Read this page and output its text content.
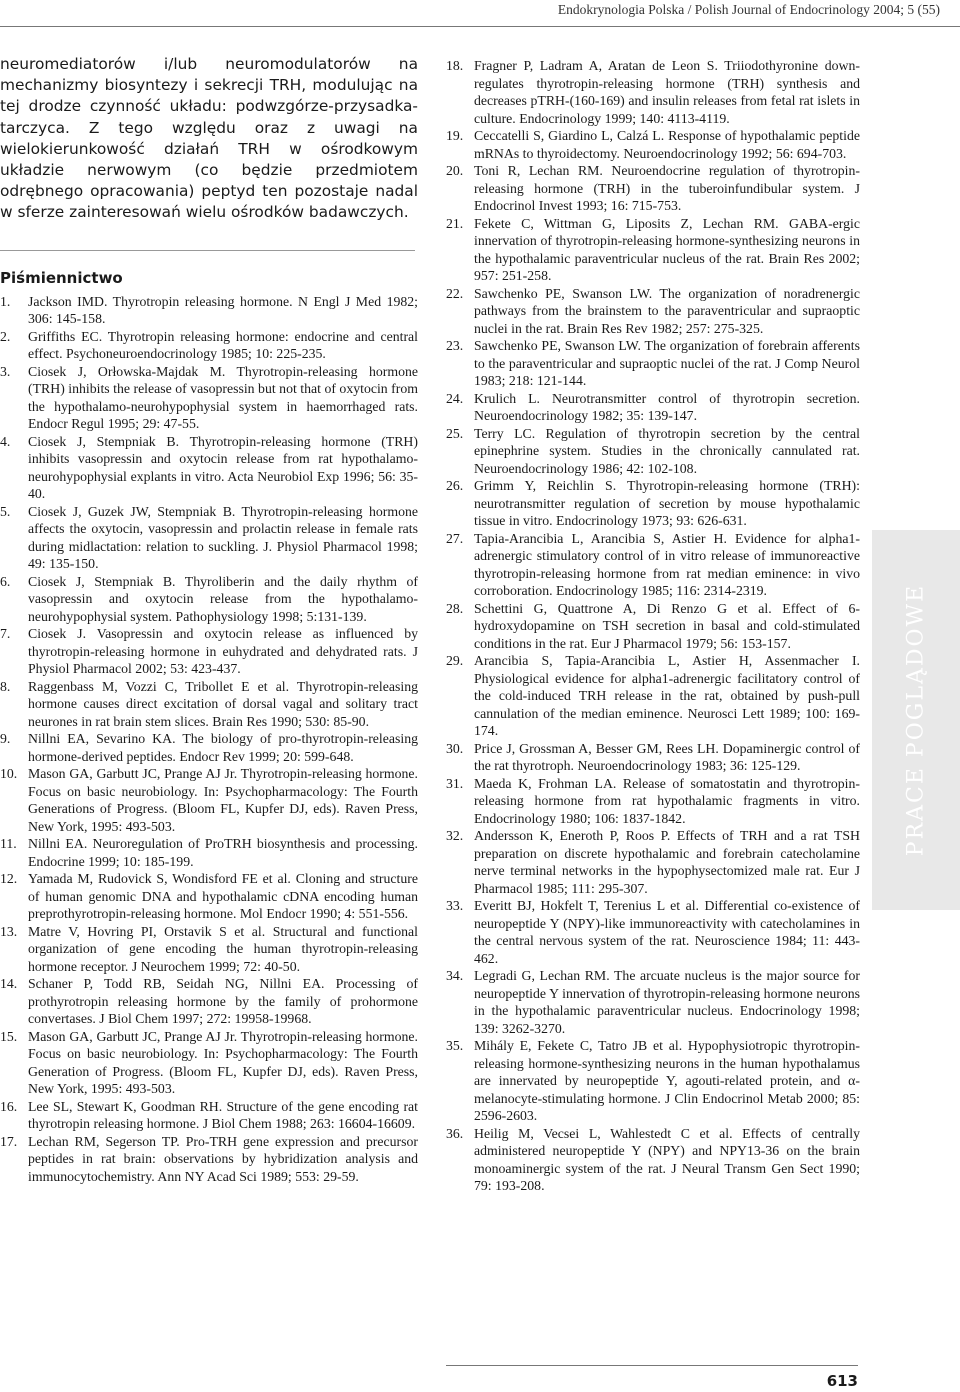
Endokrynologia Polska / Polish Journal of Endocrinology 2004; 5 (55)

neuromediatorów i/lub neuromodulatorów na mechanizmy biosyntezy i sekrecji TRH, modulując na tej drodze czynność układu: podwzgórze-przysadka-tarczyca. Z tego względu oraz z uwagi na wielokierunkowość działań TRH w ośrodkowym układzie nerwowym (co będzie przedmiotem odrębnego opracowania) peptyd ten pozostaje nadal w sferze zainteresowań wielu ośrodków badawczych.

Piśmiennictwo
1. Jackson IMD. Thyrotropin releasing hormone. N Engl J Med 1982; 306: 145-158.
2. Griffiths EC. Thyrotropin releasing hormone: endocrine and central effect. Psychoneuroendocrinology 1985; 10: 225-235.
3. Ciosek J, Orłowska-Majdak M. Thyrotropin-releasing hormone (TRH) inhibits the release of vasopressin but not that of oxytocin from the hypothalamo-neurohypophysial system in haemorrhaged rats. Endocr Regul 1995; 29: 47-55.
4. Ciosek J, Stempniak B. Thyrotropin-releasing hormone (TRH) inhibits vasopressin and oxytocin release from rat hypothalamo-neurohypophysial explants in vitro. Acta Neurobiol Exp 1996; 56: 35-40.
5. Ciosek J, Guzek JW, Stempniak B. Thyrotropin-releasing hormone affects the oxytocin, vasopressin and prolactin release in female rats during midlactation: relation to suckling. J. Physiol Pharmacol 1998; 49: 135-150.
6. Ciosek J, Stempniak B. Thyroliberin and the daily rhythm of vasopressin and oxytocin release from the hypothalamo-neurohypophysial system. Pathophysiology 1998; 5:131-139.
7. Ciosek J. Vasopressin and oxytocin release as influenced by thyrotropin-releasing hormone in euhydrated and dehydrated rats. J Physiol Pharmacol 2002; 53: 423-437.
8. Raggenbass M, Vozzi C, Tribollet E et al. Thyrotropin-releasing hormone causes direct excitation of dorsal vagal and solitary tract neurones in rat brain stem slices. Brain Res 1990; 530: 85-90.
9. Nillni EA, Sevarino KA. The biology of pro-thyrotropin-releasing hormone-derived peptides. Endocr Rev 1999; 20: 599-648.
10. Mason GA, Garbutt JC, Prange AJ Jr. Thyrotropin-releasing hormone. Focus on basic neurobiology. In: Psychopharmacology: The Fourth Generations of Progress. (Bloom FL, Kupfer DJ, eds). Raven Press, New York, 1995: 493-503.
11. Nillni EA. Neuroregulation of ProTRH biosynthesis and processing. Endocrine 1999; 10: 185-199.
12. Yamada M, Rudovick S, Wondisford FE et al. Cloning and structure of human genomic DNA and hypothalamic cDNA encoding human preprothyrotropin-releasing hormone. Mol Endocr 1990; 4: 551-556.
13. Matre V, Hovring PI, Orstavik S et al. Structural and functional organization of gene encoding the human thyrotropin-releasing hormone receptor. J Neurochem 1999; 72: 40-50.
14. Schaner P, Todd RB, Seidah NG, Nillni EA. Processing of prothyrotropin releasing hormone by the family of prohormone convertases. J Biol Chem 1997; 272: 19958-19968.
15. Mason GA, Garbutt JC, Prange AJ Jr. Thyrotropin-releasing hormone. Focus on basic neurobiology. In: Psychopharmacology: The Fourth Generation of Progress. (Bloom FL, Kupfer DJ, eds). Raven Press, New York, 1995: 493-503.
16. Lee SL, Stewart K, Goodman RH. Structure of the gene encoding rat thyrotropin releasing hormone. J Biol Chem 1988; 263: 16604-16609.
17. Lechan RM, Segerson TP. Pro-TRH gene expression and precursor peptides in rat brain: observations by hybridization analysis and immunocytochemistry. Ann NY Acad Sci 1989; 553: 29-59.
18. Fragner P, Ladram A, Aratan de Leon S. Triiodothyronine down-regulates thyrotropin-releasing hormone (TRH) synthesis and decreases pTRH-(160-169) and insulin releases from fetal rat islets in culture. Endocrinology 1999; 140: 4113-4119.
19. Ceccatelli S, Giardino L, Calzá L. Response of hypothalamic peptide mRNAs to thyroidectomy. Neuroendocrinology 1992; 56: 694-703.
20. Toni R, Lechan RM. Neuroendocrine regulation of thyrotropin-releasing hormone (TRH) in the tuberoinfundibular system. J Endocrinol Invest 1993; 16: 715-753.
21. Fekete C, Wittman G, Liposits Z, Lechan RM. GABA-ergic innervation of thyrotropin-releasing hormone-synthesizing neurons in the hypothalamic paraventricular nucleus of the rat. Brain Res 2002; 957: 251-258.
22. Sawchenko PE, Swanson LW. The organization of noradrenergic pathways from the brainstem to the paraventricular and supraoptic nuclei in the rat. Brain Res Rev 1982; 257: 275-325.
23. Sawchenko PE, Swanson LW. The organization of forebrain afferents to the paraventricular and supraoptic nuclei of the rat. J Comp Neurol 1983; 218: 121-144.
24. Krulich L. Neurotransmitter control of thyrotropin secretion. Neuroendocrinology 1982; 35: 139-147.
25. Terry LC. Regulation of thyrotropin secretion by the central epinephrine system. Studies in the chronically cannulated rat. Neuroendocrinology 1986; 42: 102-108.
26. Grimm Y, Reichlin S. Thyrotropin-releasing hormone (TRH): neurotransmitter regulation of secretion by mouse hypothalamic tissue in vitro. Endocrinology 1973; 93: 626-631.
27. Tapia-Arancibia L, Arancibia S, Astier H. Evidence for alpha1-adrenergic stimulatory control of in vitro release of immunoreactive thyrotropin-releasing hormone from rat median eminence: in vivo corroboration. Endocrinology 1985; 116: 2314-2319.
28. Schettini G, Quattrone A, Di Renzo G et al. Effect of 6-hydroxydopamine on TSH secretion in basal and cold-stimulated conditions in the rat. Eur J Pharmacol 1979; 56: 153-157.
29. Arancibia S, Tapia-Arancibia L, Astier H, Assenmacher I. Physiological evidence for alpha1-adrenergic facilitatory control of the cold-induced TRH release in the rat, obtained by push-pull cannulation of the median eminence. Neurosci Lett 1989; 100: 169-174.
30. Price J, Grossman A, Besser GM, Rees LH. Dopaminergic control of the rat thyrotroph. Neuroendocrinology 1983; 36: 125-129.
31. Maeda K, Frohman LA. Release of somatostatin and thyrotropin-releasing hormone from rat hypothalamic fragments in vitro. Endocrinology 1980; 106: 1837-1842.
32. Andersson K, Eneroth P, Roos P. Effects of TRH and a rat TSH preparation on discrete hypothalamic and forebrain catecholamine nerve terminal networks in the hypophysectomized male rat. Eur J Pharmacol 1985; 111: 295-307.
33. Everitt BJ, Hokfelt T, Terenius L et al. Differential co-existence of neuropeptide Y (NPY)-like immunoreactivity with catecholamines in the central nervous system of the rat. Neuroscience 1984; 11: 443-462.
34. Legradi G, Lechan RM. The arcuate nucleus is the major source for neuropeptide Y innervation of thyrotropin-releasing hormone neurons in the hypothalamic paraventricular nucleus. Endocrinology 1998; 139: 3262-3270.
35. Mihály E, Fekete C, Tatro JB et al. Hypophysiotropic thyrotropin-releasing hormone-synthesizing neurons in the human hypothalamus are innervated by neuropeptide Y, agouti-related protein, and α-melanocyte-stimulating hormone. J Clin Endocrinol Metab 2000; 85: 2596-2603.
36. Heilig M, Vecsei L, Wahlestedt C et al. Effects of centrally administered neuropeptide Y (NPY) and NPY13-36 on the brain monoaminergic system of the rat. J Neural Transm Gen Sect 1990; 79: 193-208.
PRACE POGLĄDOWE
613
